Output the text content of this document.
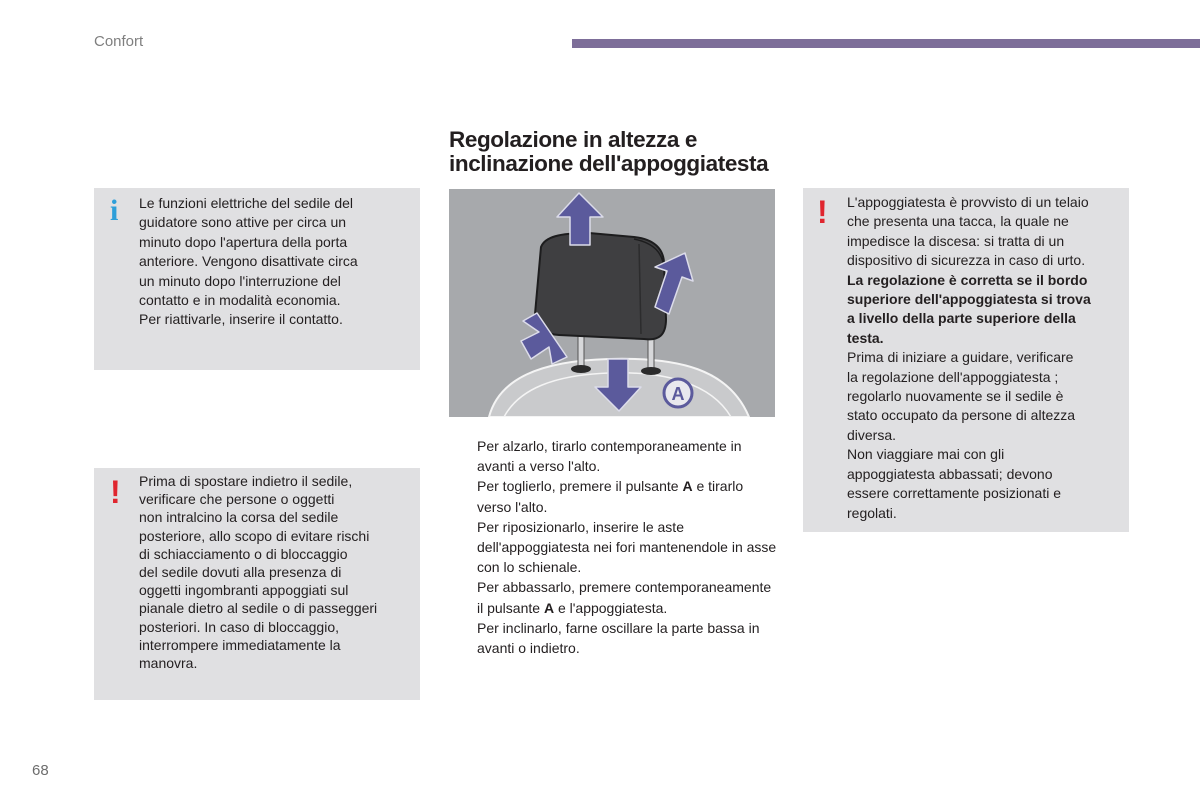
Confort
i Le funzioni elettriche del sedile del
guidatore sono attive per circa un
minuto dopo l'apertura della porta
anteriore. Vengono disattivate circa
un minuto dopo l'interruzione del
contatto e in modalità economia.
Per riattivarle, inserire il contatto.
! Prima di spostare indietro il sedile,
verificare che persone o oggetti
non intralcino la corsa del sedile
posteriore, allo scopo di evitare rischi
di schiacciamento o di bloccaggio
del sedile dovuti alla presenza di
oggetti ingombranti appoggiati sul
pianale dietro al sedile o di passeggeri
posteriori. In caso di bloccaggio,
interrompere immediatamente la
manovra.
Regolazione in altezza e
inclinazione dell'appoggiatesta
A
Per alzarlo, tirarlo contemporaneamente in avanti a verso l'alto.
Per toglierlo, premere il pulsante A e tirarlo verso l'alto.
Per riposizionarlo, inserire le aste dell'appoggiatesta nei fori mantenendole in asse con lo schienale.
Per abbassarlo, premere contemporaneamente il pulsante A e l'appoggiatesta.
Per inclinarlo, farne oscillare la parte bassa in avanti o indietro.
! L'appoggiatesta è provvisto di un telaio
che presenta una tacca, la quale ne
impedisce la discesa: si tratta di un
dispositivo di sicurezza in caso di urto.
La regolazione è corretta se il bordo
superiore dell'appoggiatesta si trova
a livello della parte superiore della
testa.
Prima di iniziare a guidare, verificare
la regolazione dell'appoggiatesta ;
regolarlo nuovamente se il sedile è
stato occupato da persone di altezza
diversa.
Non viaggiare mai con gli
appoggiatesta abbassati; devono
essere correttamente posizionati e
regolati.
68
